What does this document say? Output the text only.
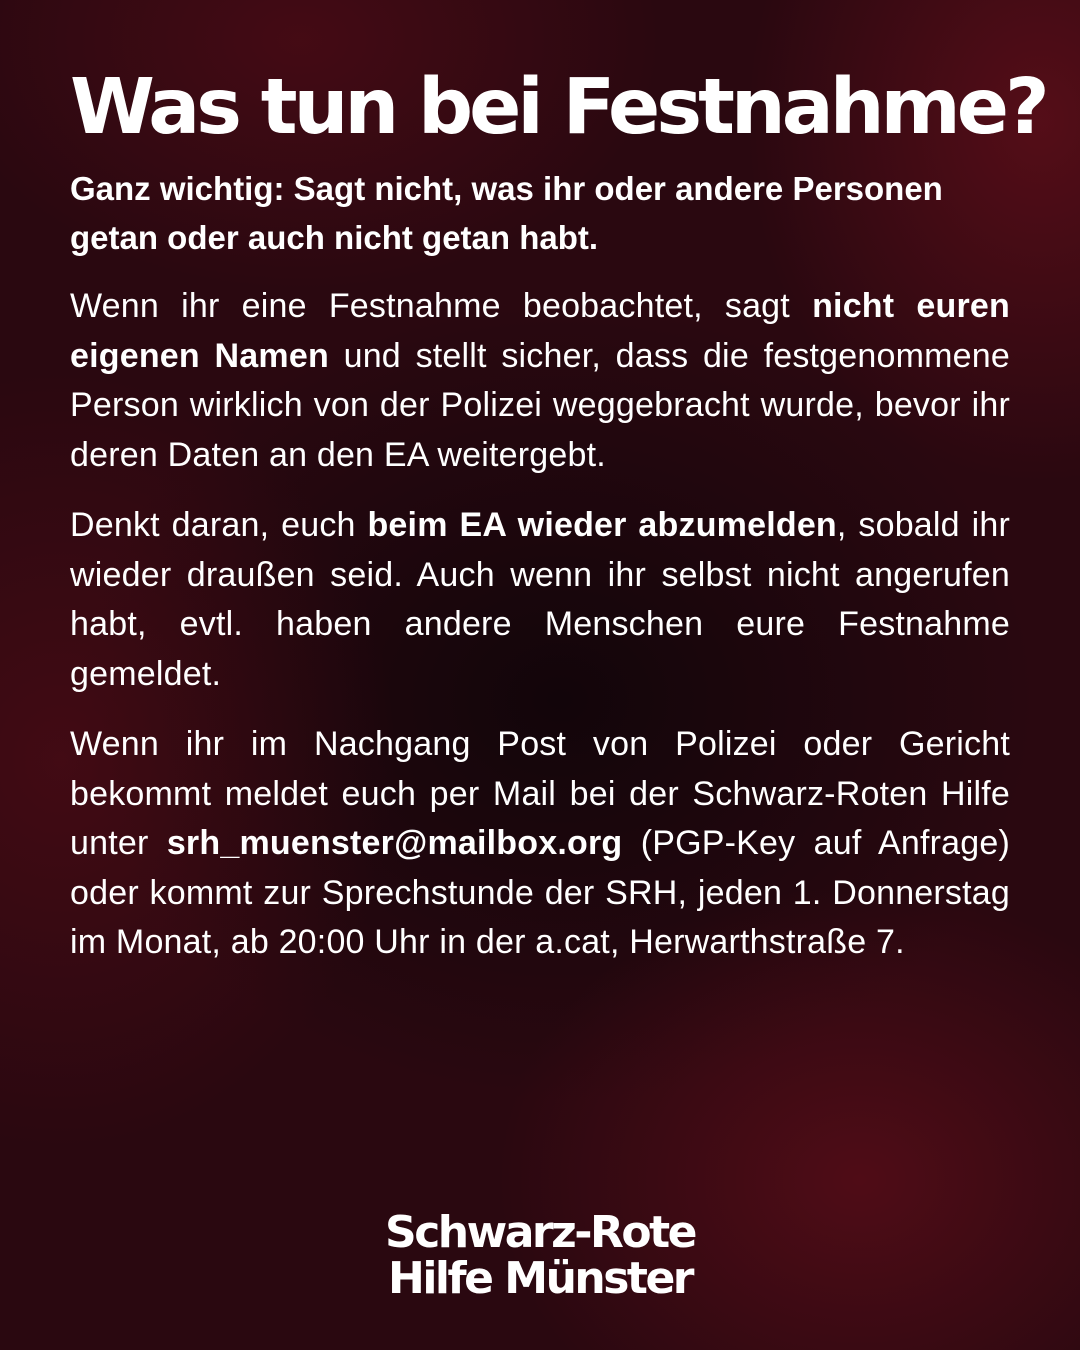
Was tun bei Festnahme?

Ganz wichtig: Sagt nicht, was ihr oder andere Personen getan oder auch nicht getan habt.

Wenn ihr eine Festnahme beobachtet, sagt nicht euren eigenen Namen und stellt sicher, dass die festgenommene Person wirklich von der Polizei weggebracht wurde, bevor ihr deren Daten an den EA weitergebt.

Denkt daran, euch beim EA wieder abzumelden, sobald ihr wieder draußen seid. Auch wenn ihr selbst nicht angerufen habt, evtl. haben andere Menschen eure Festnahme gemeldet.

Wenn ihr im Nachgang Post von Polizei oder Gericht bekommt meldet euch per Mail bei der Schwarz-Roten Hilfe unter srh_muenster@mailbox.org (PGP-Key auf Anfrage) oder kommt zur Sprechstunde der SRH, jeden 1. Donnerstag im Monat, ab 20:00 Uhr in der a.cat, Herwarthstraße 7.

Schwarz-Rote
Hilfe Münster
